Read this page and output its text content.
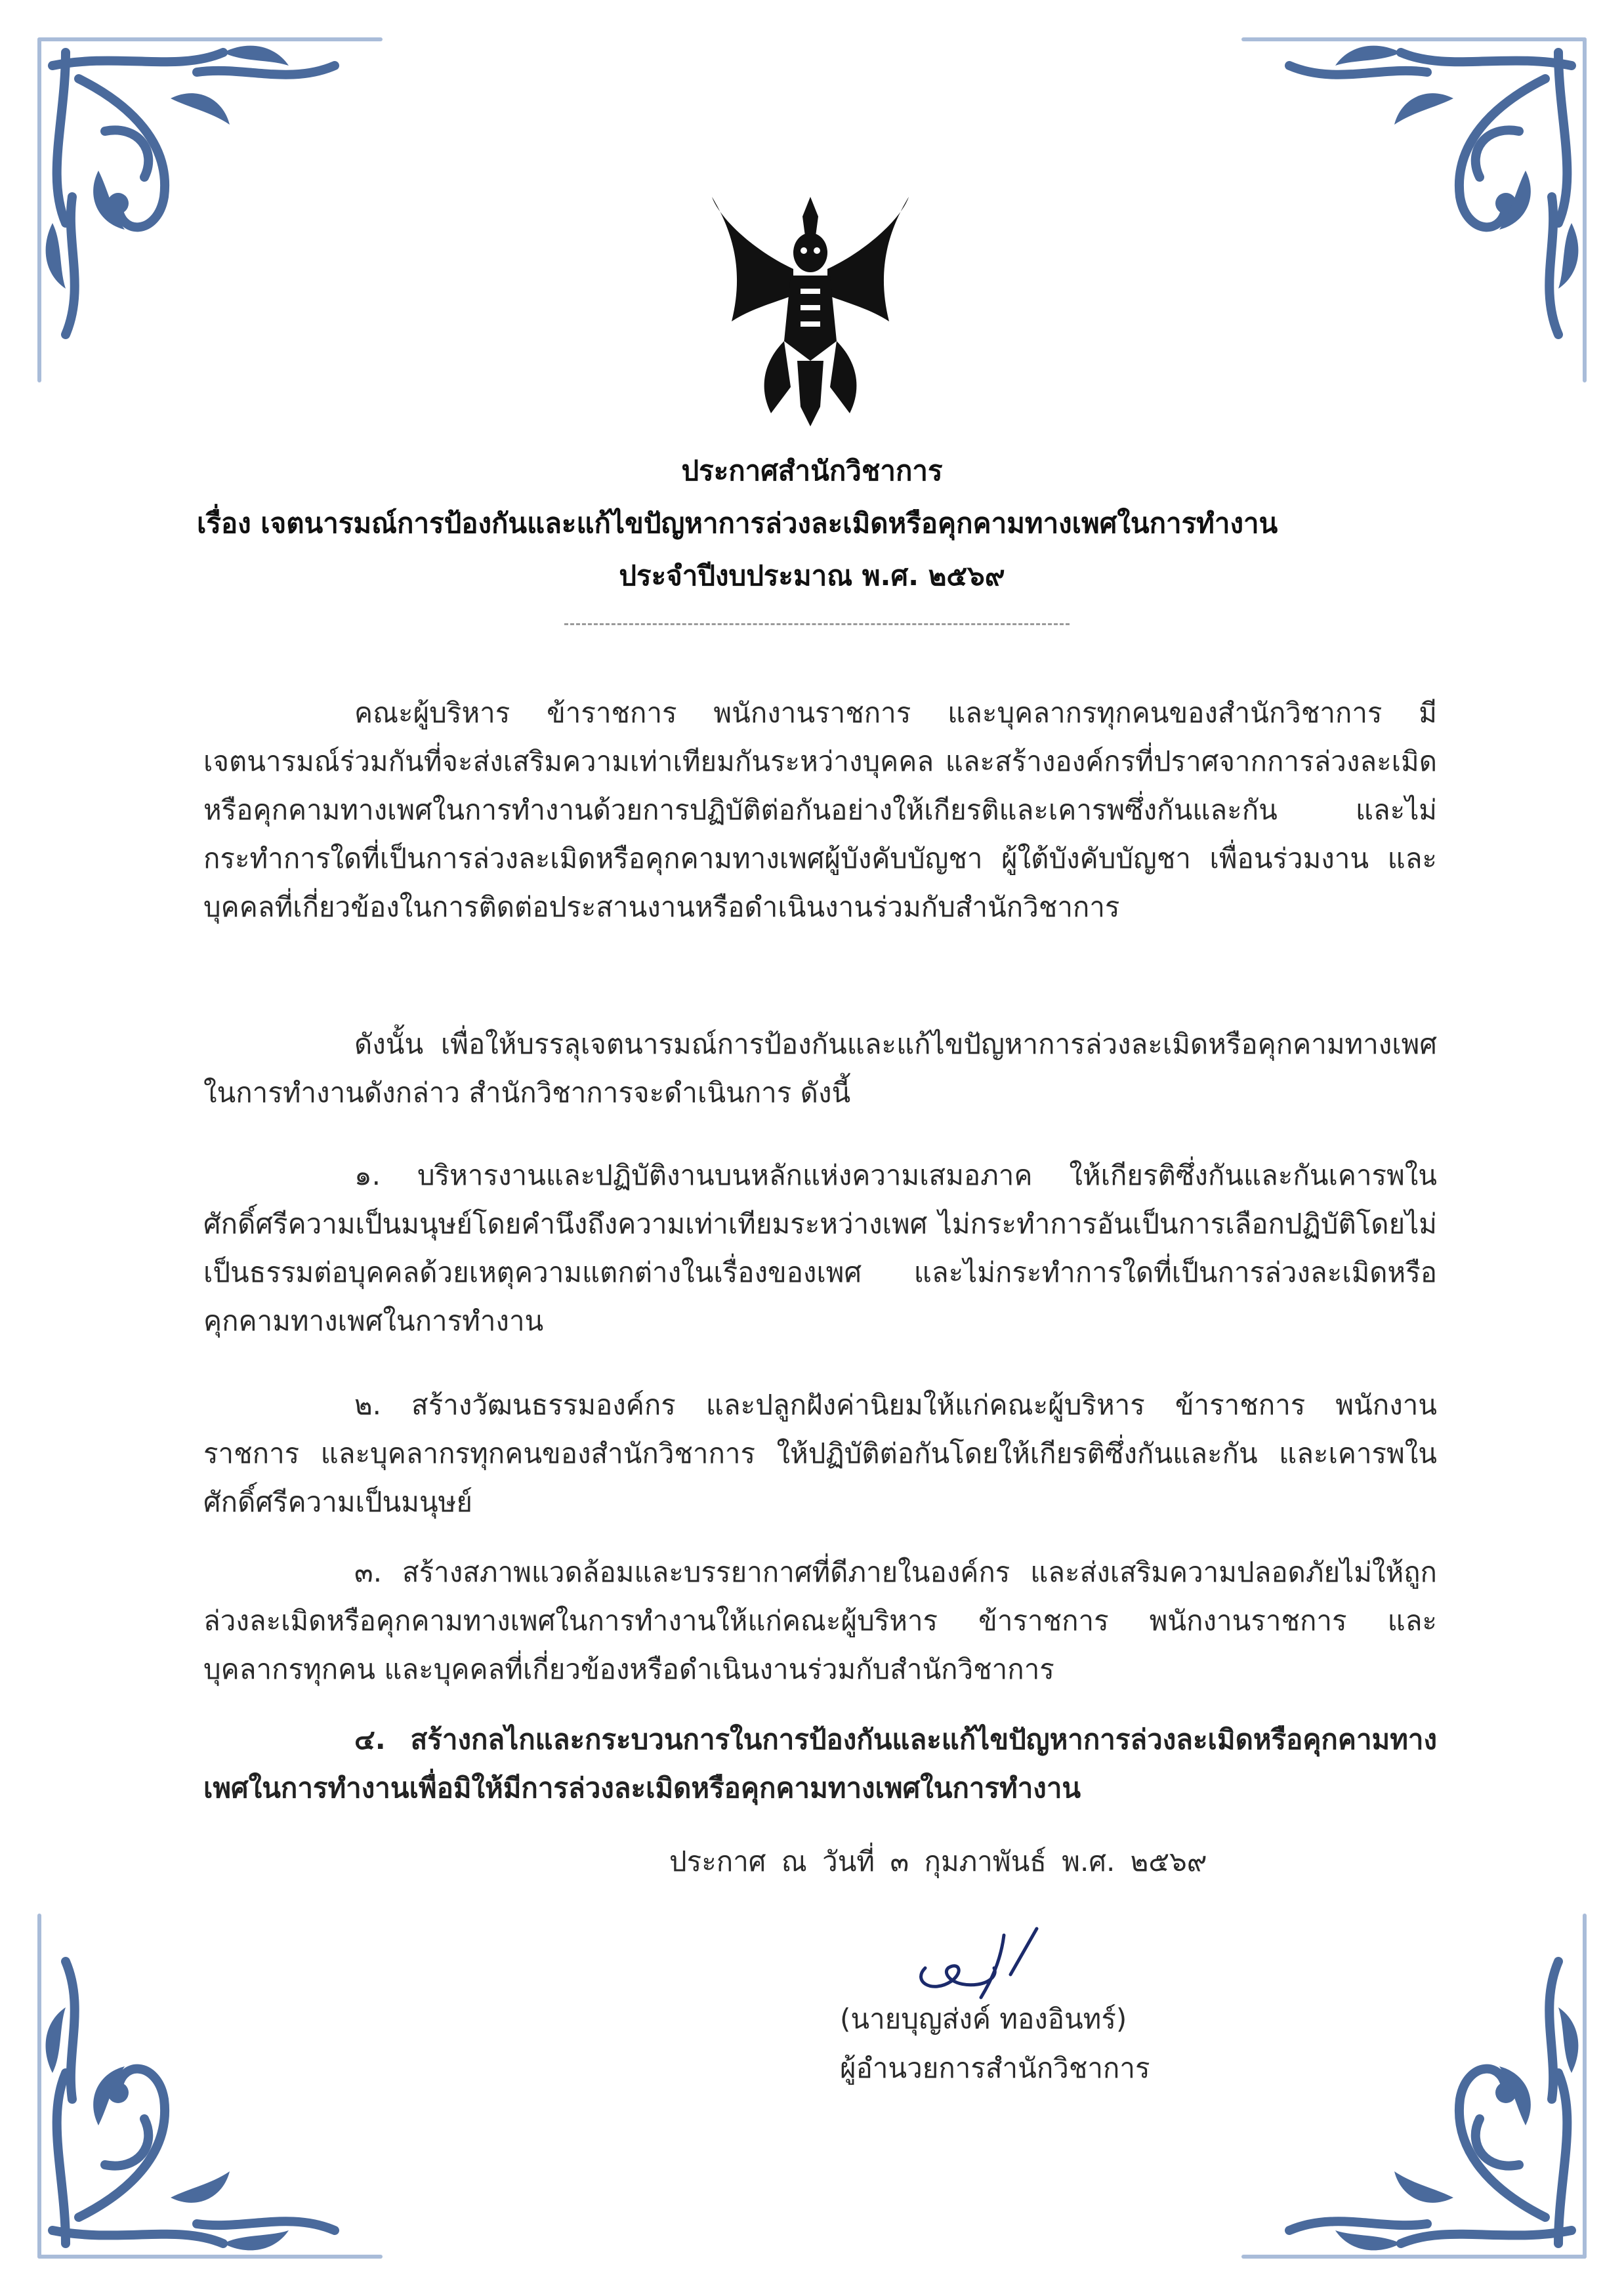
ประกาศสำนักวิชาการ
เรื่อง เจตนารมณ์การป้องกันและแก้ไขปัญหาการล่วงละเมิดหรือคุกคามทางเพศในการทำงาน
ประจำปีงบประมาณ พ.ศ. ๒๕๖๙

คณะผู้บริหาร ข้าราชการ พนักงานราชการ และบุคลากรทุกคนของสำนักวิชาการ มีเจตนารมณ์ร่วมกันที่จะส่งเสริมความเท่าเทียมกันระหว่างบุคคล และสร้างองค์กรที่ปราศจากการล่วงละเมิดหรือคุกคามทางเพศในการทำงานด้วยการปฏิบัติต่อกันอย่างให้เกียรติและเคารพซึ่งกันและกัน และไม่กระทำการใดที่เป็นการล่วงละเมิดหรือคุกคามทางเพศผู้บังคับบัญชา ผู้ใต้บังคับบัญชา เพื่อนร่วมงาน และบุคคลที่เกี่ยวข้องในการติดต่อประสานงานหรือดำเนินงานร่วมกับสำนักวิชาการ

ดังนั้น เพื่อให้บรรลุเจตนารมณ์การป้องกันและแก้ไขปัญหาการล่วงละเมิดหรือคุกคามทางเพศในการทำงานดังกล่าว สำนักวิชาการจะดำเนินการ ดังนี้

๑. บริหารงานและปฏิบัติงานบนหลักแห่งความเสมอภาค ให้เกียรติซึ่งกันและกันเคารพในศักดิ์ศรีความเป็นมนุษย์โดยคำนึงถึงความเท่าเทียมระหว่างเพศ ไม่กระทำการอันเป็นการเลือกปฏิบัติโดยไม่เป็นธรรมต่อบุคคลด้วยเหตุความแตกต่างในเรื่องของเพศ และไม่กระทำการใดที่เป็นการล่วงละเมิดหรือคุกคามทางเพศในการทำงาน

๒. สร้างวัฒนธรรมองค์กร และปลูกฝังค่านิยมให้แก่คณะผู้บริหาร ข้าราชการ พนักงานราชการ และบุคลากรทุกคนของสำนักวิชาการ ให้ปฏิบัติต่อกันโดยให้เกียรติซึ่งกันและกัน และเคารพในศักดิ์ศรีความเป็นมนุษย์

๓. สร้างสภาพแวดล้อมและบรรยากาศที่ดีภายในองค์กร และส่งเสริมความปลอดภัยไม่ให้ถูกล่วงละเมิดหรือคุกคามทางเพศในการทำงานให้แก่คณะผู้บริหาร ข้าราชการ พนักงานราชการ และบุคลากรทุกคน และบุคคลที่เกี่ยวข้องหรือดำเนินงานร่วมกับสำนักวิชาการ

๔. สร้างกลไกและกระบวนการในการป้องกันและแก้ไขปัญหาการล่วงละเมิดหรือคุกคามทางเพศในการทำงานเพื่อมิให้มีการล่วงละเมิดหรือคุกคามทางเพศในการทำงาน

ประกาศ ณ วันที่ ๓ กุมภาพันธ์ พ.ศ. ๒๕๖๙
(นายบุญส่งค์ ทองอินทร์)
ผู้อำนวยการสำนักวิชาการ
